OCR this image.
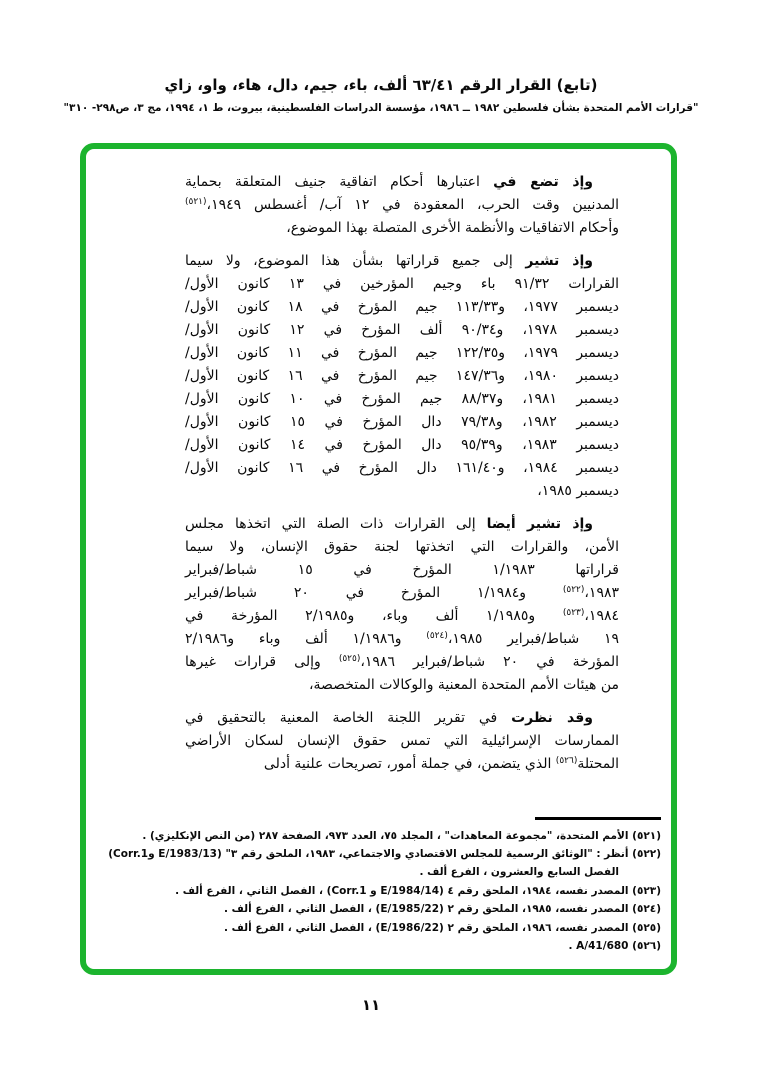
(تابع) القرار الرقم ٦٣/٤١ ألف، باء، جيم، دال، هاء، واو، زاي
"قرارات الأمم المتحدة بشأن فلسطين ١٩٨٢ ــ ١٩٨٦، مؤسسة الدراسات الفلسطينية، بيروت، ط ١، ١٩٩٤، مج ٣، ص٢٩٨- ٣١٠"
وإذ تضع في اعتبارها أحكام اتفاقية جنيف المتعلقة بحماية
المدنيين وقت الحرب، المعقودة في ١٢ آب/ أغسطس ١٩٤٩،$^{(٥٢١)}$
وأحكام الاتفاقيات والأنظمة الأخرى المتصلة بهذا الموضوع،
وإذ تشير إلى جميع قراراتها بشأن هذا الموضوع، ولا سيما
القرارات ٩١/٣٢ باء وجيم المؤرخين في ١٣ كانون الأول/
ديسمبر ١٩٧٧، و١١٣/٣٣ جيم المؤرخ في ١٨ كانون الأول/
ديسمبر ١٩٧٨، و٩٠/٣٤ ألف المؤرخ في ١٢ كانون الأول/
ديسمبر ١٩٧٩، و١٢٢/٣٥ جيم المؤرخ في ١١ كانون الأول/
ديسمبر ١٩٨٠، و١٤٧/٣٦ جيم المؤرخ في ١٦ كانون الأول/
ديسمبر ١٩٨١، و٨٨/٣٧ جيم المؤرخ في ١٠ كانون الأول/
ديسمبر ١٩٨٢، و٧٩/٣٨ دال المؤرخ في ١٥ كانون الأول/
ديسمبر ١٩٨٣، و٩٥/٣٩ دال المؤرخ في ١٤ كانون الأول/
ديسمبر ١٩٨٤، و١٦١/٤٠ دال المؤرخ في ١٦ كانون الأول/
ديسمبر ١٩٨٥،
وإذ تشير أيضا إلى القرارات ذات الصلة التي اتخذها مجلس
الأمن، والقرارات التي اتخذتها لجنة حقوق الإنسان، ولا سيما
قراراتها ١/١٩٨٣ المؤرخ في ١٥ شباط/فبراير
١٩٨٣،$^{(٥٢٢)}$ و١/١٩٨٤ المؤرخ في ٢٠ شباط/فبراير
١٩٨٤،$^{(٥٢٣)}$ و١/١٩٨٥ ألف وباء، و٢/١٩٨٥ المؤرخة في
١٩ شباط/فبراير ١٩٨٥،$^{(٥٢٤)}$ و١/١٩٨٦ ألف وباء و٢/١٩٨٦
المؤرخة في ٢٠ شباط/فبراير ١٩٨٦،$^{(٥٢٥)}$ وإلى قرارات غيرها
من هيئات الأمم المتحدة المعنية والوكالات المتخصصة،
وقد نظرت في تقرير اللجنة الخاصة المعنية بالتحقيق في
الممارسات الإسرائيلية التي تمس حقوق الإنسان لسكان الأراضي
المحتلة$^{(٥٢٦)}$ الذي يتضمن، في جملة أمور، تصريحات علنية أدلى
(٥٢١) الأمم المتحدة، "مجموعة المعاهدات" ، المجلد ٧٥، العدد ٩٧٣، الصفحة ٢٨٧ (من النص الإنكليزي) .
(٥٢٢) أنظر : "الوثائق الرسمية للمجلس الاقتصادي والاجتماعي، ١٩٨٣، الملحق رقم ٣" (E/1983/13 وCorr.1)
الفصل السابع والعشرون ، الفرع ألف .
(٥٢٣) المصدر نفسه، ١٩٨٤، الملحق رقم ٤ (E/1984/14 و Corr.1) ، الفصل الثاني ، الفرع ألف .
(٥٢٤) المصدر نفسه، ١٩٨٥، الملحق رقم ٢ (E/1985/22) ، الفصل الثاني ، الفرع ألف .
(٥٢٥) المصدر نفسه، ١٩٨٦، الملحق رقم ٢ (E/1986/22) ، الفصل الثاني ، الفرع ألف .
(٥٢٦) A/41/680 .
١١
